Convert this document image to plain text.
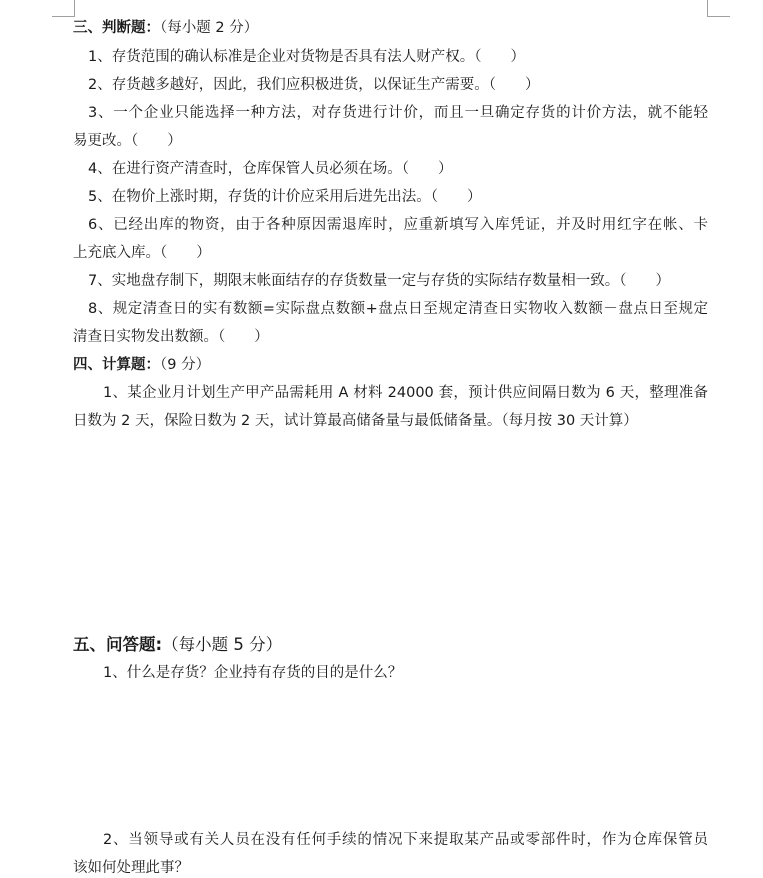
三、判断题：（每小题 2 分）
1、存货范围的确认标准是企业对货物是否具有法人财产权。（　　）
2、存货越多越好，因此，我们应积极进货，以保证生产需要。（　　）
3、一个企业只能选择一种方法，对存货进行计价，而且一旦确定存货的计价方法，就不能轻
易更改。（　　）
4、在进行资产清查时，仓库保管人员必须在场。（　　）
5、在物价上涨时期，存货的计价应采用后进先出法。（　　）
6、已经出库的物资，由于各种原因需退库时，应重新填写入库凭证，并及时用红字在帐、卡
上充底入库。（　　）
7、实地盘存制下，期限末帐面结存的存货数量一定与存货的实际结存数量相一致。（　　）
8、规定清查日的实有数额=实际盘点数额+盘点日至规定清查日实物收入数额－盘点日至规定
清查日实物发出数额。（　　）
四、计算题：（9 分）
1、某企业月计划生产甲产品需耗用 A 材料 24000 套，预计供应间隔日数为 6 天，整理准备
日数为 2 天，保险日数为 2 天，试计算最高储备量与最低储备量。（每月按 30 天计算）
五、问答题:（每小题 5 分）
1、什么是存货？企业持有存货的目的是什么？
2、当领导或有关人员在没有任何手续的情况下来提取某产品或零部件时，作为仓库保管员
该如何处理此事？
